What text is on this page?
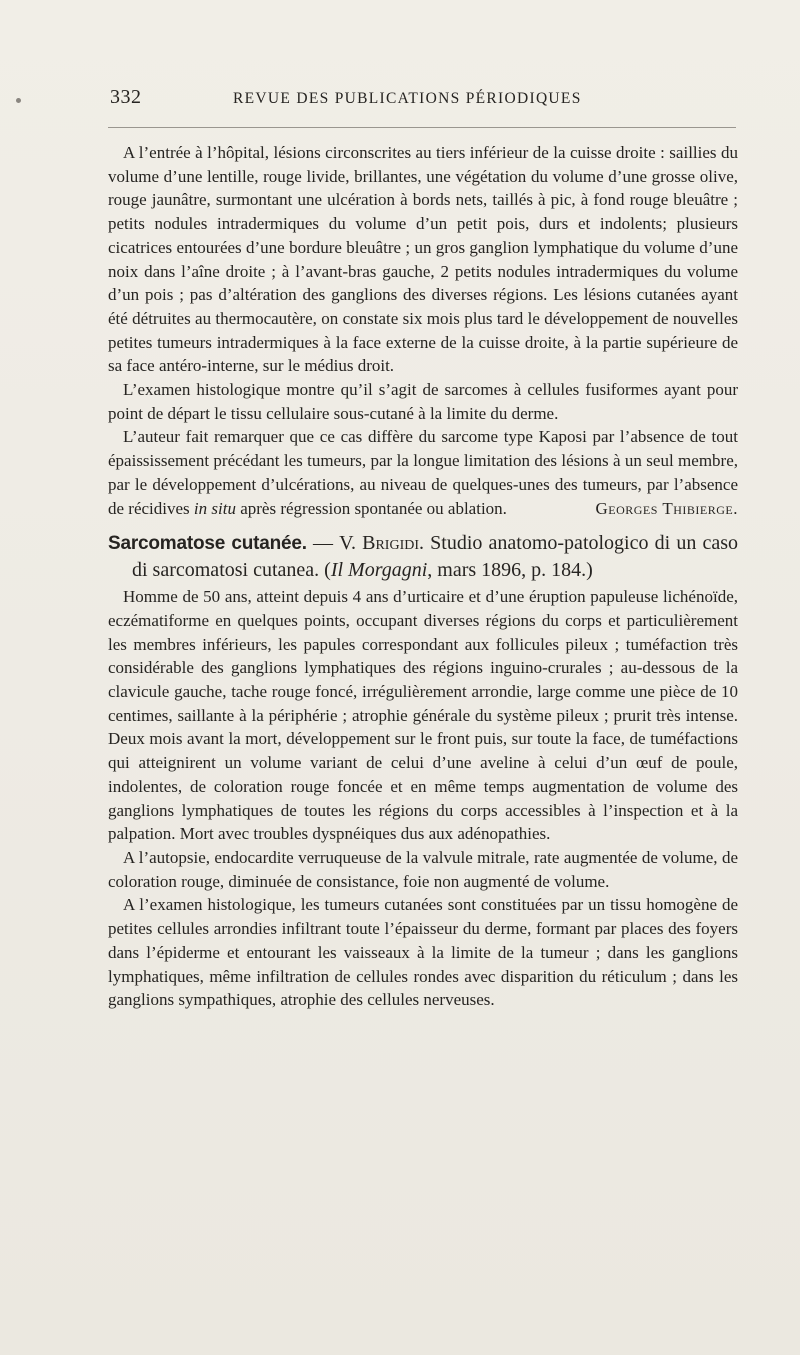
332	REVUE DES PUBLICATIONS PÉRIODIQUES

A l’entrée à l’hôpital, lésions circonscrites au tiers inférieur de la cuisse droite : saillies du volume d’une lentille, rouge livide, brillantes, une végétation du volume d’une grosse olive, rouge jaunâtre, surmontant une ulcération à bords nets, taillés à pic, à fond rouge bleuâtre ; petits nodules intradermiques du volume d’un petit pois, durs et indolents; plusieurs cicatrices entourées d’une bordure bleuâtre ; un gros ganglion lymphatique du volume d’une noix dans l’aîne droite ; à l’avant-bras gauche, 2 petits nodules intradermiques du volume d’un pois ; pas d’altération des ganglions des diverses régions. Les lésions cutanées ayant été détruites au thermocautère, on constate six mois plus tard le développement de nouvelles petites tumeurs intradermiques à la face externe de la cuisse droite, à la partie supérieure de sa face antéro-interne, sur le médius droit.

L’examen histologique montre qu’il s’agit de sarcomes à cellules fusiformes ayant pour point de départ le tissu cellulaire sous-cutané à la limite du derme.

L’auteur fait remarquer que ce cas diffère du sarcome type Kaposi par l’absence de tout épaississement précédant les tumeurs, par la longue limitation des lésions à un seul membre, par le développement d’ulcérations, au niveau de quelques-unes des tumeurs, par l’absence de récidives in situ après régression spontanée ou ablation.	Georges Thibierge.

Sarcomatose cutanée. — V. Brigidi. Studio anatomo-patologico di un caso di sarcomatosi cutanea. (Il Morgagni, mars 1896, p. 184.)

Homme de 50 ans, atteint depuis 4 ans d’urticaire et d’une éruption papuleuse lichénoïde, eczématiforme en quelques points, occupant diverses régions du corps et particulièrement les membres inférieurs, les papules correspondant aux follicules pileux ; tuméfaction très considérable des ganglions lymphatiques des régions inguino-crurales ; au-dessous de la clavicule gauche, tache rouge foncé, irrégulièrement arrondie, large comme une pièce de 10 centimes, saillante à la périphérie ; atrophie générale du système pileux ; prurit très intense. Deux mois avant la mort, développement sur le front puis, sur toute la face, de tuméfactions qui atteignirent un volume variant de celui d’une aveline à celui d’un œuf de poule, indolentes, de coloration rouge foncée et en même temps augmentation de volume des ganglions lymphatiques de toutes les régions du corps accessibles à l’inspection et à la palpation. Mort avec troubles dyspnéiques dus aux adénopathies.

A l’autopsie, endocardite verruqueuse de la valvule mitrale, rate augmentée de volume, de coloration rouge, diminuée de consistance, foie non augmenté de volume.

A l’examen histologique, les tumeurs cutanées sont constituées par un tissu homogène de petites cellules arrondies infiltrant toute l’épaisseur du derme, formant par places des foyers dans l’épiderme et entourant les vaisseaux à la limite de la tumeur ; dans les ganglions lymphatiques, même infiltration de cellules rondes avec disparition du réticulum ; dans les ganglions sympathiques, atrophie des cellules nerveuses.
